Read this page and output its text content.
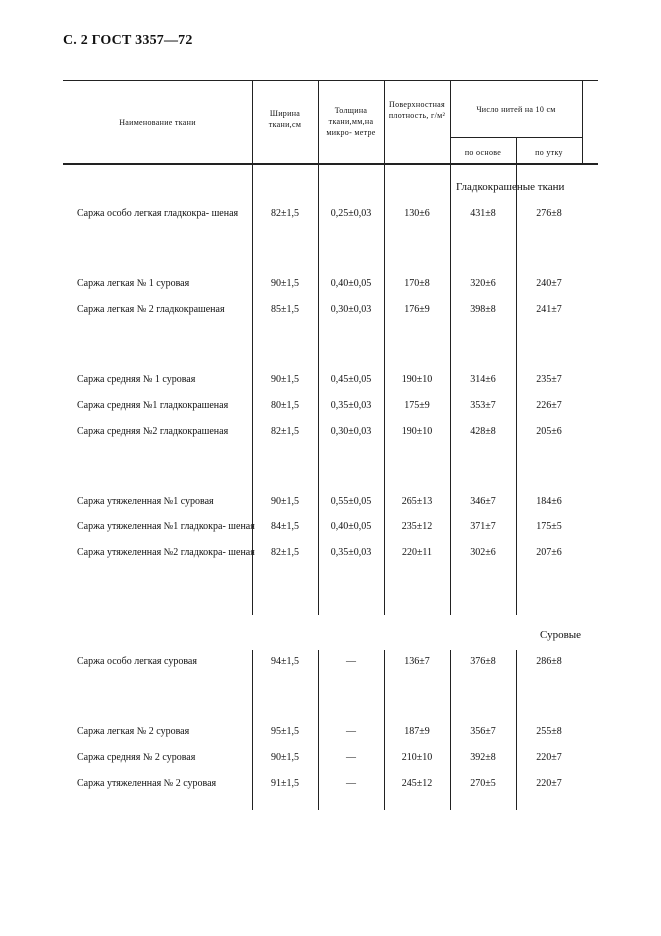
С. 2 ГОСТ 3357—72
Наименование ткани
Ширина ткани,см
Толщина ткани,мм,на микро- метре
Поверхностная плотность, г/м²
Число нитей на 10 см
по основе	по утку
Гладкокрашеные ткани
Суровые
Саржа особо легкая гладкокра- шеная	82±1,5	0,25±0,03	130±6	431±8	276±8
Саржа легкая № 1 суровая	90±1,5	0,40±0,05	170±8	320±6	240±7
Саржа легкая № 2 гладкокрашеная	85±1,5	0,30±0,03	176±9	398±8	241±7
Саржа средняя № 1 суровая	90±1,5	0,45±0,05	190±10	314±6	235±7
Саржа средняя №1 гладкокрашеная	80±1,5	0,35±0,03	175±9	353±7	226±7
Саржа средняя №2 гладкокрашеная	82±1,5	0,30±0,03	190±10	428±8	205±6
Саржа утяжеленная №1 суровая	90±1,5	0,55±0,05	265±13	346±7	184±6
Саржа утяжеленная №1 гладкокра- шеная	84±1,5	0,40±0,05	235±12	371±7	175±5
Саржа утяжеленная №2 гладкокра- шеная	82±1,5	0,35±0,03	220±11	302±6	207±6
Саржа особо легкая суровая	94±1,5	—	136±7	376±8	286±8
Саржа легкая № 2 суровая	95±1,5	—	187±9	356±7	255±8
Саржа средняя № 2 суровая	90±1,5	—	210±10	392±8	220±7
Саржа утяжеленная № 2 суровая	91±1,5	—	245±12	270±5	220±7
